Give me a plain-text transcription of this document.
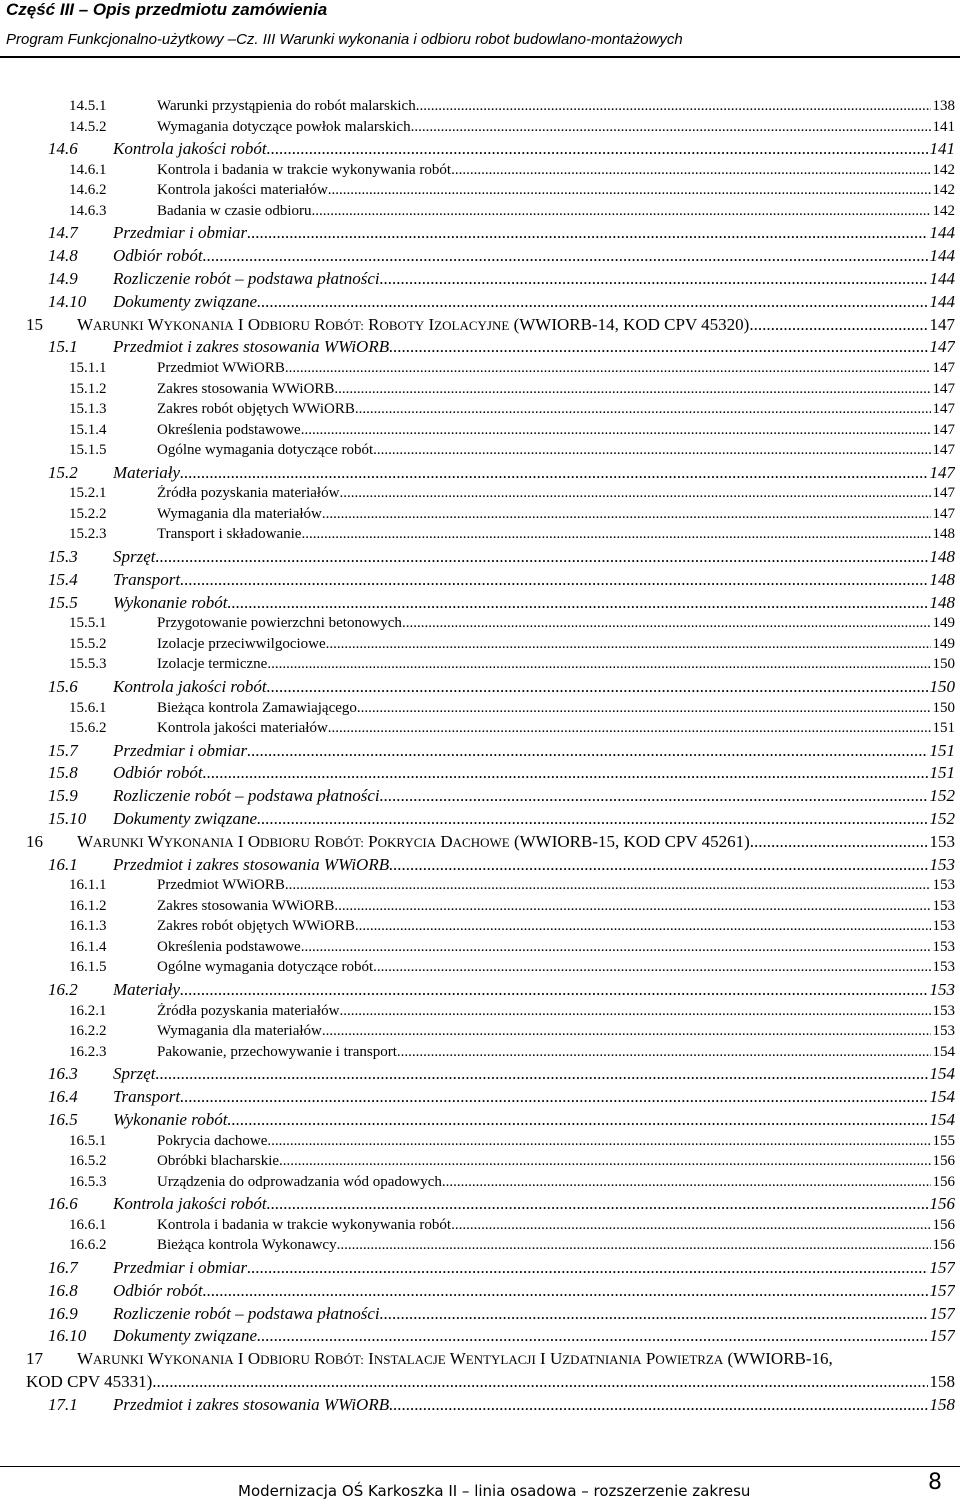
Część III – Opis przedmiotu zamówienia
Program Funkcjonalno-użytkowy –Cz. III Warunki wykonania i odbioru robot budowlano-montażowych
14.5.1	Warunki przystąpienia do robót malarskich .....	138
14.5.2	Wymagania dotyczące powłok malarskich .....	141
14.6 Kontrola jakości robót .....	141
14.6.1	Kontrola i badania w trakcie wykonywania robót .....	142
14.6.2	Kontrola jakości materiałów .....	142
14.6.3	Badania w czasie odbioru .....	142
14.7 Przedmiar i obmiar .....	144
14.8 Odbiór robót .....	144
14.9 Rozliczenie robót – podstawa płatności .....	144
14.10 Dokumenty związane .....	144
15 WARUNKI WYKONANIA I ODBIORU ROBÓT: ROBOTY IZOLACYJNE (WWIORB-14, KOD CPV 45320) .....	147
15.1 Przedmiot i zakres stosowania WWiORB .....	147
15.1.1	Przedmiot WWiORB .....	147
15.1.2	Zakres stosowania WWiORB .....	147
15.1.3	Zakres robót objętych WWiORB .....	147
15.1.4	Określenia podstawowe .....	147
15.1.5	Ogólne wymagania dotyczące robót .....	147
15.2 Materiały .....	147
15.2.1	Źródła pozyskania materiałów .....	147
15.2.2	Wymagania dla materiałów .....	147
15.2.3	Transport i składowanie .....	148
15.3 Sprzęt .....	148
15.4 Transport .....	148
15.5 Wykonanie robót .....	148
15.5.1	Przygotowanie powierzchni betonowych .....	149
15.5.2	Izolacje przeciwwilgociowe .....	149
15.5.3	Izolacje termiczne .....	150
15.6 Kontrola jakości robót .....	150
15.6.1	Bieżąca kontrola Zamawiającego .....	150
15.6.2	Kontrola jakości materiałów .....	151
15.7 Przedmiar i obmiar .....	151
15.8 Odbiór robót .....	151
15.9 Rozliczenie robót – podstawa płatności .....	152
15.10 Dokumenty związane .....	152
16 WARUNKI WYKONANIA I ODBIORU ROBÓT: POKRYCIA DACHOWE (WWIORB-15, KOD CPV 45261) .....	153
16.1 Przedmiot i zakres stosowania WWiORB .....	153
16.1.1	Przedmiot WWiORB .....	153
16.1.2	Zakres stosowania WWiORB .....	153
16.1.3	Zakres robót objętych WWiORB .....	153
16.1.4	Określenia podstawowe .....	153
16.1.5	Ogólne wymagania dotyczące robót .....	153
16.2 Materiały .....	153
16.2.1	Źródła pozyskania materiałów .....	153
16.2.2	Wymagania dla materiałów .....	153
16.2.3	Pakowanie, przechowywanie i transport .....	154
16.3 Sprzęt .....	154
16.4 Transport .....	154
16.5 Wykonanie robót .....	154
16.5.1	Pokrycia dachowe .....	155
16.5.2	Obróbki blacharskie .....	156
16.5.3	Urządzenia do odprowadzania wód opadowych .....	156
16.6 Kontrola jakości robót .....	156
16.6.1	Kontrola i badania w trakcie wykonywania robót .....	156
16.6.2	Bieżąca kontrola Wykonawcy .....	156
16.7 Przedmiar i obmiar .....	157
16.8 Odbiór robót .....	157
16.9 Rozliczenie robót – podstawa płatności .....	157
16.10 Dokumenty związane .....	157
17 WARUNKI WYKONANIA I ODBIORU ROBÓT: INSTALACJE WENTYLACJI I UZDATNIANIA POWIETRZA (WWIORB-16,
KOD CPV 45331) .....	158
17.1 Przedmiot i zakres stosowania WWiORB .....	158
Modernizacja OŚ Karkoszka II – linia osadowa – rozszerzenie zakresu	8
